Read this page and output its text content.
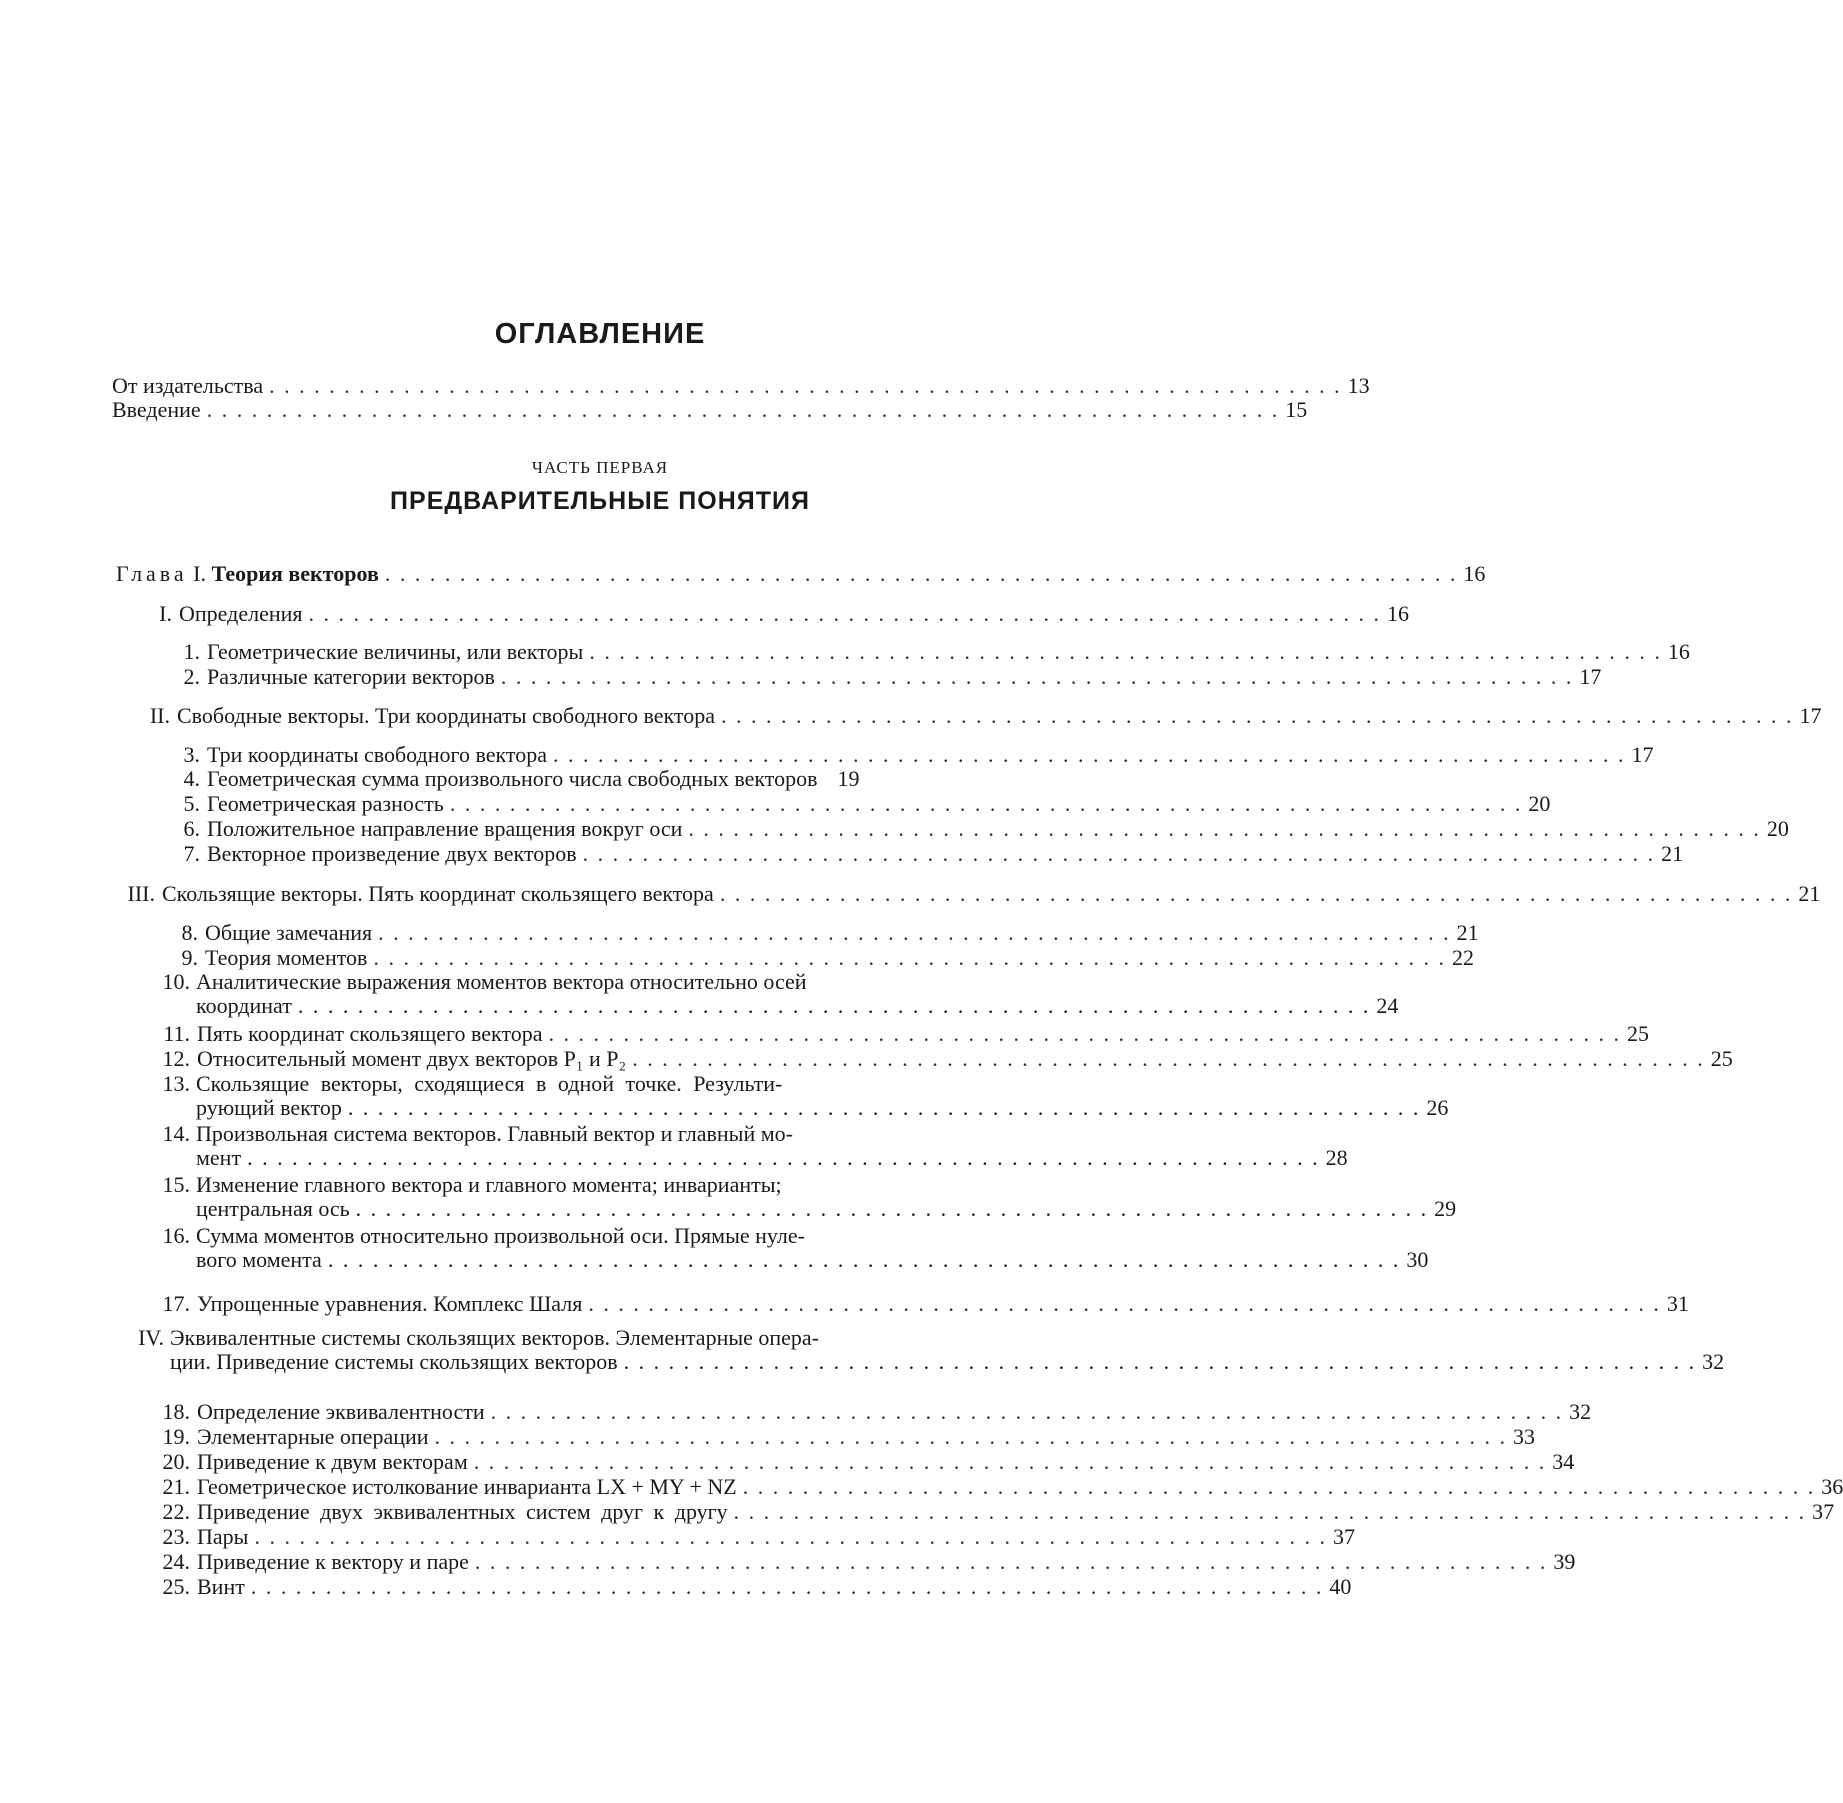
ОГЛАВЛЕНИЕ
От издательства . . .	13
Введение . . .	15
ЧАСТЬ ПЕРВАЯ
ПРЕДВАРИТЕЛЬНЫЕ ПОНЯТИЯ
Глава I. Теория векторов . . .	16
I. Определения . . .	16
1. Геометрические величины, или векторы . . .	16
2. Различные категории векторов . . .	17
II. Свободные векторы. Три координаты свободного вектора . . .	17
3. Три координаты свободного вектора . . .	17
4. Геометрическая сумма произвольного числа свободных векторов 19
5. Геометрическая разность . . .	20
6. Положительное направление вращения вокруг оси . . .	20
7. Векторное произведение двух векторов . . .	21
III. Скользящие векторы. Пять координат скользящего вектора . . .	21
8. Общие замечания . . .	21
9. Теория моментов . . .	22
10. Аналитические выражения моментов вектора относительно осей
координат . . .	24
11. Пять координат скользящего вектора . . .	25
12. Относительный момент двух векторов P₁ и P₂ . . .	25
13. Скользящие векторы, сходящиеся в одной точке. Результи-
рующий вектор . . .	26
14. Произвольная система векторов. Главный вектор и главный мо-
мент . . .	28
15. Изменение главного вектора и главного момента; инварианты;
центральная ось . . .	29
16. Сумма моментов относительно произвольной оси. Прямые нуле-
вого момента . . .	30
17. Упрощенные уравнения. Комплекс Шаля . . .	31
IV. Эквивалентные системы скользящих векторов. Элементарные опера-
ции. Приведение системы скользящих векторов . . .	32
18. Определение эквивалентности . . .	32
19. Элементарные операции . . .	33
20. Приведение к двум векторам . . .	34
21. Геометрическое истолкование инварианта LX + MY + NZ . . .	36
22. Приведение двух эквивалентных систем друг к другу . . .	37
23. Пары . . .	37
24. Приведение к вектору и паре . . .	39
25. Винт . . .	40
